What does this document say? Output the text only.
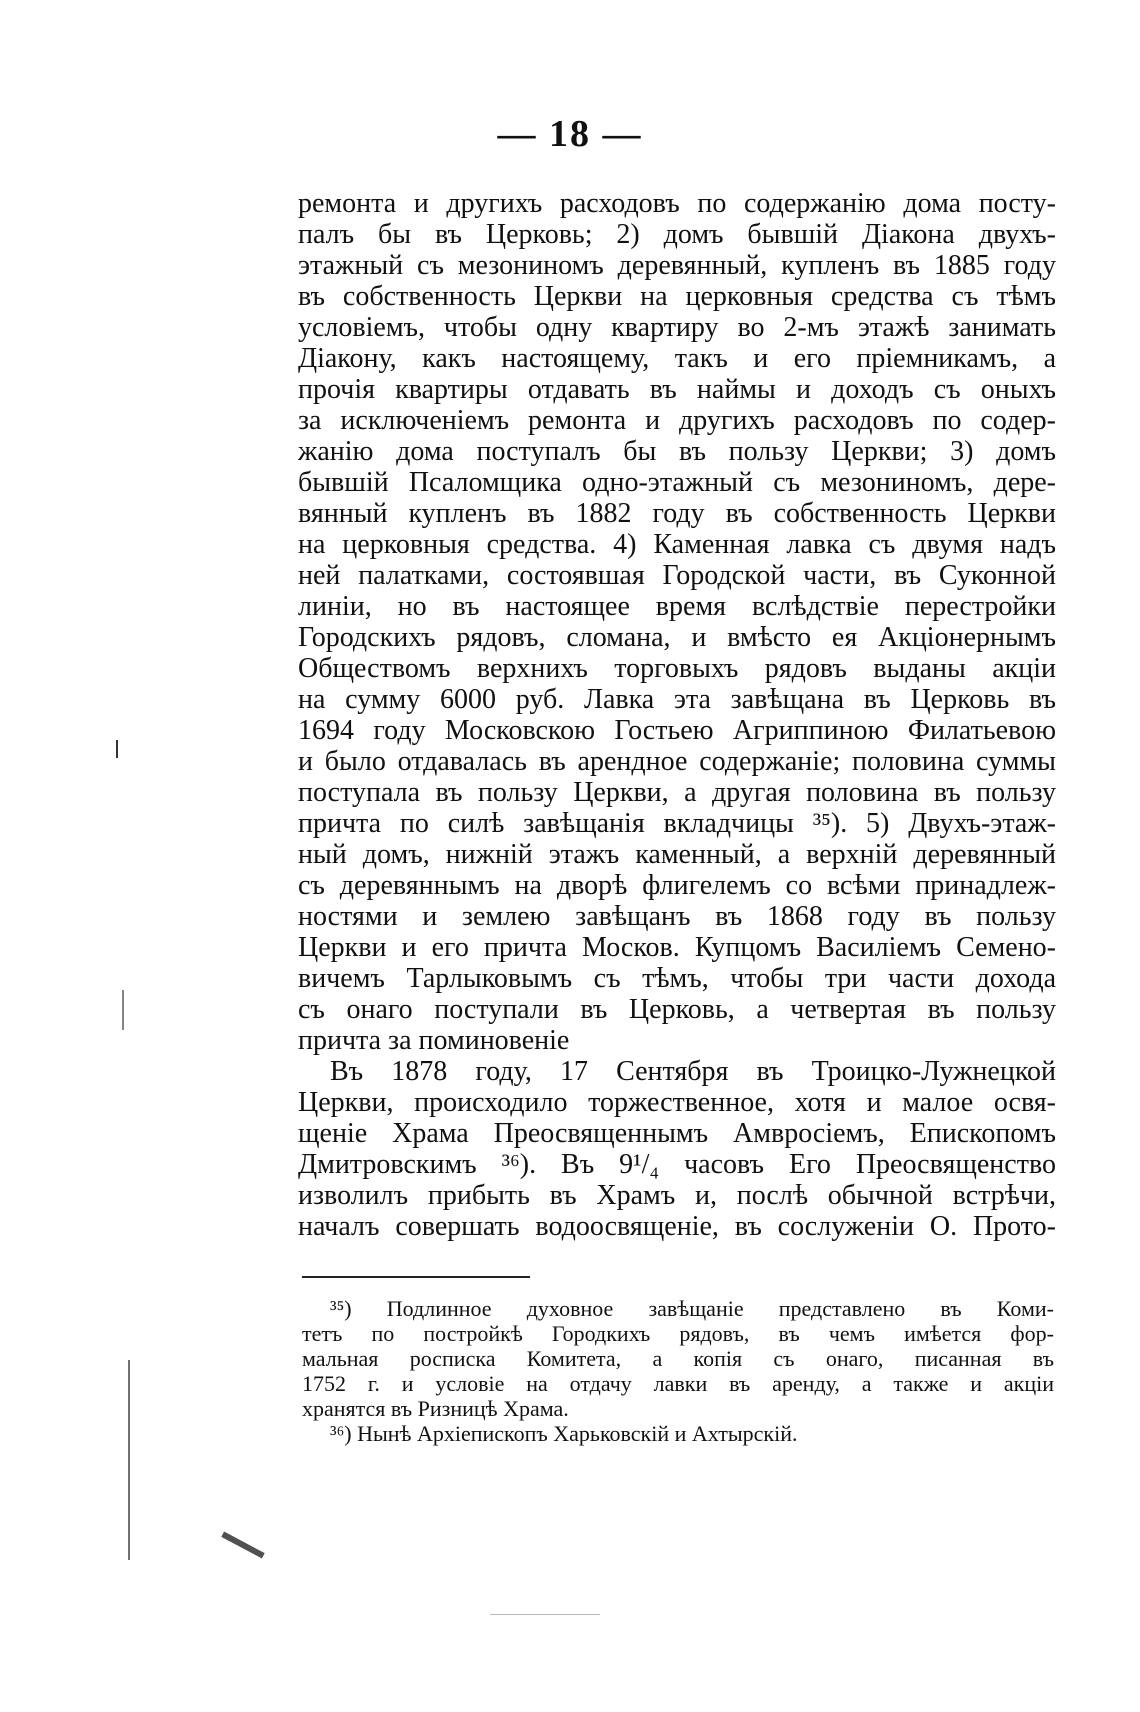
— 18 —
ремонта и другихъ расходовъ по содержанію дома посту-
палъ бы въ Церковь; 2) домъ бывшій Діакона двухъ-
этажный съ мезониномъ деревянный, купленъ въ 1885 году
въ собственность Церкви на церковныя средства съ тѣмъ
условіемъ, чтобы одну квартиру во 2-мъ этажѣ занимать
Діакону, какъ настоящему, такъ и его пріемникамъ, а
прочія квартиры отдавать въ наймы и доходъ съ оныхъ
за исключеніемъ ремонта и другихъ расходовъ по содер-
жанію дома поступалъ бы въ пользу Церкви; 3) домъ
бывшій Псаломщика одно-этажный съ мезониномъ, дере-
вянный купленъ въ 1882 году въ собственность Церкви
на церковныя средства. 4) Каменная лавка съ двумя надъ
ней палатками, состоявшая Городской части, въ Суконной
линіи, но въ настоящее время вслѣдствіе перестройки
Городскихъ рядовъ, сломана, и вмѣсто ея Акціонернымъ
Обществомъ верхнихъ торговыхъ рядовъ выданы акціи
на сумму 6000 руб. Лавка эта завѣщана въ Церковь въ
1694 году Московскою Гостьею Агриппиною Филатьевою
и было отдавалась въ арендное содержаніе; половина суммы
поступала въ пользу Церкви, а другая половина въ пользу
причта по силѣ завѣщанія вкладчицы ³⁵). 5) Двухъ-этаж-
ный домъ, нижній этажъ каменный, а верхній деревянный
съ деревяннымъ на дворѣ флигелемъ со всѣми принадлеж-
ностями и землею завѣщанъ въ 1868 году въ пользу
Церкви и его причта Москов. Купцомъ Василіемъ Семено-
вичемъ Тарлыковымъ съ тѣмъ, чтобы три части дохода
съ онаго поступали въ Церковь, а четвертая въ пользу
причта за поминовеніе
Въ 1878 году, 17 Сентября въ Троицко-Лужнецкой
Церкви, происходило торжественное, хотя и малое освя-
щеніе Храма Преосвященнымъ Амвросіемъ, Епископомъ
Дмитровскимъ ³⁶). Въ 9¹/₄ часовъ Его Преосвященство
изволилъ прибыть въ Храмъ и, послѣ обычной встрѣчи,
началъ совершать водоосвященіе, въ сослуженіи О. Прото-
³⁵) Подлинное духовное завѣщаніе представлено въ Коми-
тетъ по постройкѣ Городкихъ рядовъ, въ чемъ имѣется фор-
мальная росписка Комитета, а копія съ онаго, писанная въ
1752 г. и условіе на отдачу лавки въ аренду, а также и акціи
хранятся въ Ризницѣ Храма.
³⁶) Нынѣ Архіепископъ Харьковскій и Ахтырскій.
